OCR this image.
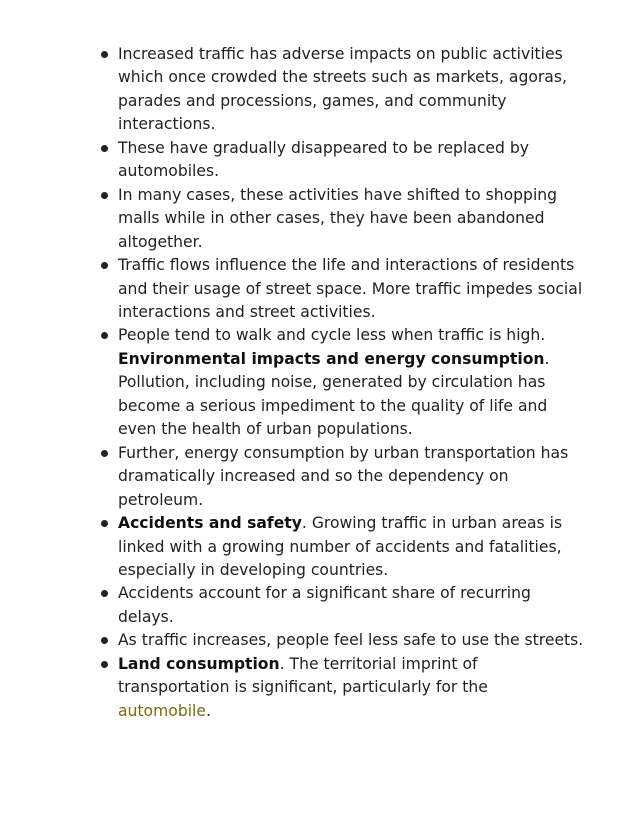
Increased traffic has adverse impacts on public activities which once crowded the streets such as markets, agoras, parades and processions, games, and community interactions.
These have gradually disappeared to be replaced by automobiles.
In many cases, these activities have shifted to shopping malls while in other cases, they have been abandoned altogether.
Traffic flows influence the life and interactions of residents and their usage of street space. More traffic impedes social interactions and street activities.
People tend to walk and cycle less when traffic is high.
Environmental impacts and energy consumption. Pollution, including noise, generated by circulation has become a serious impediment to the quality of life and even the health of urban populations.
Further, energy consumption by urban transportation has dramatically increased and so the dependency on petroleum.
Accidents and safety. Growing traffic in urban areas is linked with a growing number of accidents and fatalities, especially in developing countries.
Accidents account for a significant share of recurring delays.
As traffic increases, people feel less safe to use the streets.
Land consumption. The territorial imprint of transportation is significant, particularly for the
automobile.
